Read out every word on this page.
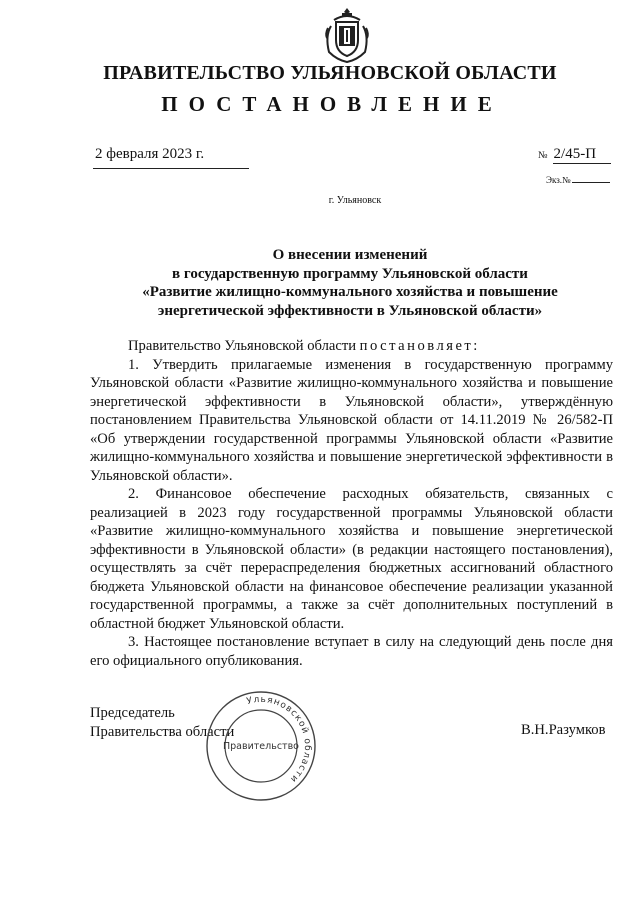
ПРАВИТЕЛЬСТВО УЛЬЯНОВСКОЙ ОБЛАСТИ
ПОСТАНОВЛЕНИЕ
2 февраля 2023 г.	№ 2/45-П
Экз.№
г. Ульяновск
О внесении изменений
в государственную программу Ульяновской области
«Развитие жилищно-коммунального хозяйства и повышение
энергетической эффективности в Ульяновской области»

Правительство Ульяновской области постановляет:

1. Утвердить прилагаемые изменения в государственную программу Ульяновской области «Развитие жилищно-коммунального хозяйства и повышение энергетической эффективности в Ульяновской области», утверждённую постановлением Правительства Ульяновской области от 14.11.2019 № 26/582-П «Об утверждении государственной программы Ульяновской области «Развитие жилищно-коммунального хозяйства и повышение энергетической эффективности в Ульяновской области».

2. Финансовое обеспечение расходных обязательств, связанных с реализацией в 2023 году государственной программы Ульяновской области «Развитие жилищно-коммунального хозяйства и повышение энергетической эффективности в Ульяновской области» (в редакции настоящего постановления), осуществлять за счёт перераспределения бюджетных ассигнований областного бюджета Ульяновской области на финансовое обеспечение реализации указанной государственной программы, а также за счёт дополнительных поступлений в областной бюджет Ульяновской области.

3. Настоящее постановление вступает в силу на следующий день после дня его официального опубликования.

Председатель
Правительства области
Ульяновской области
Правительство
В.Н.Разумков
